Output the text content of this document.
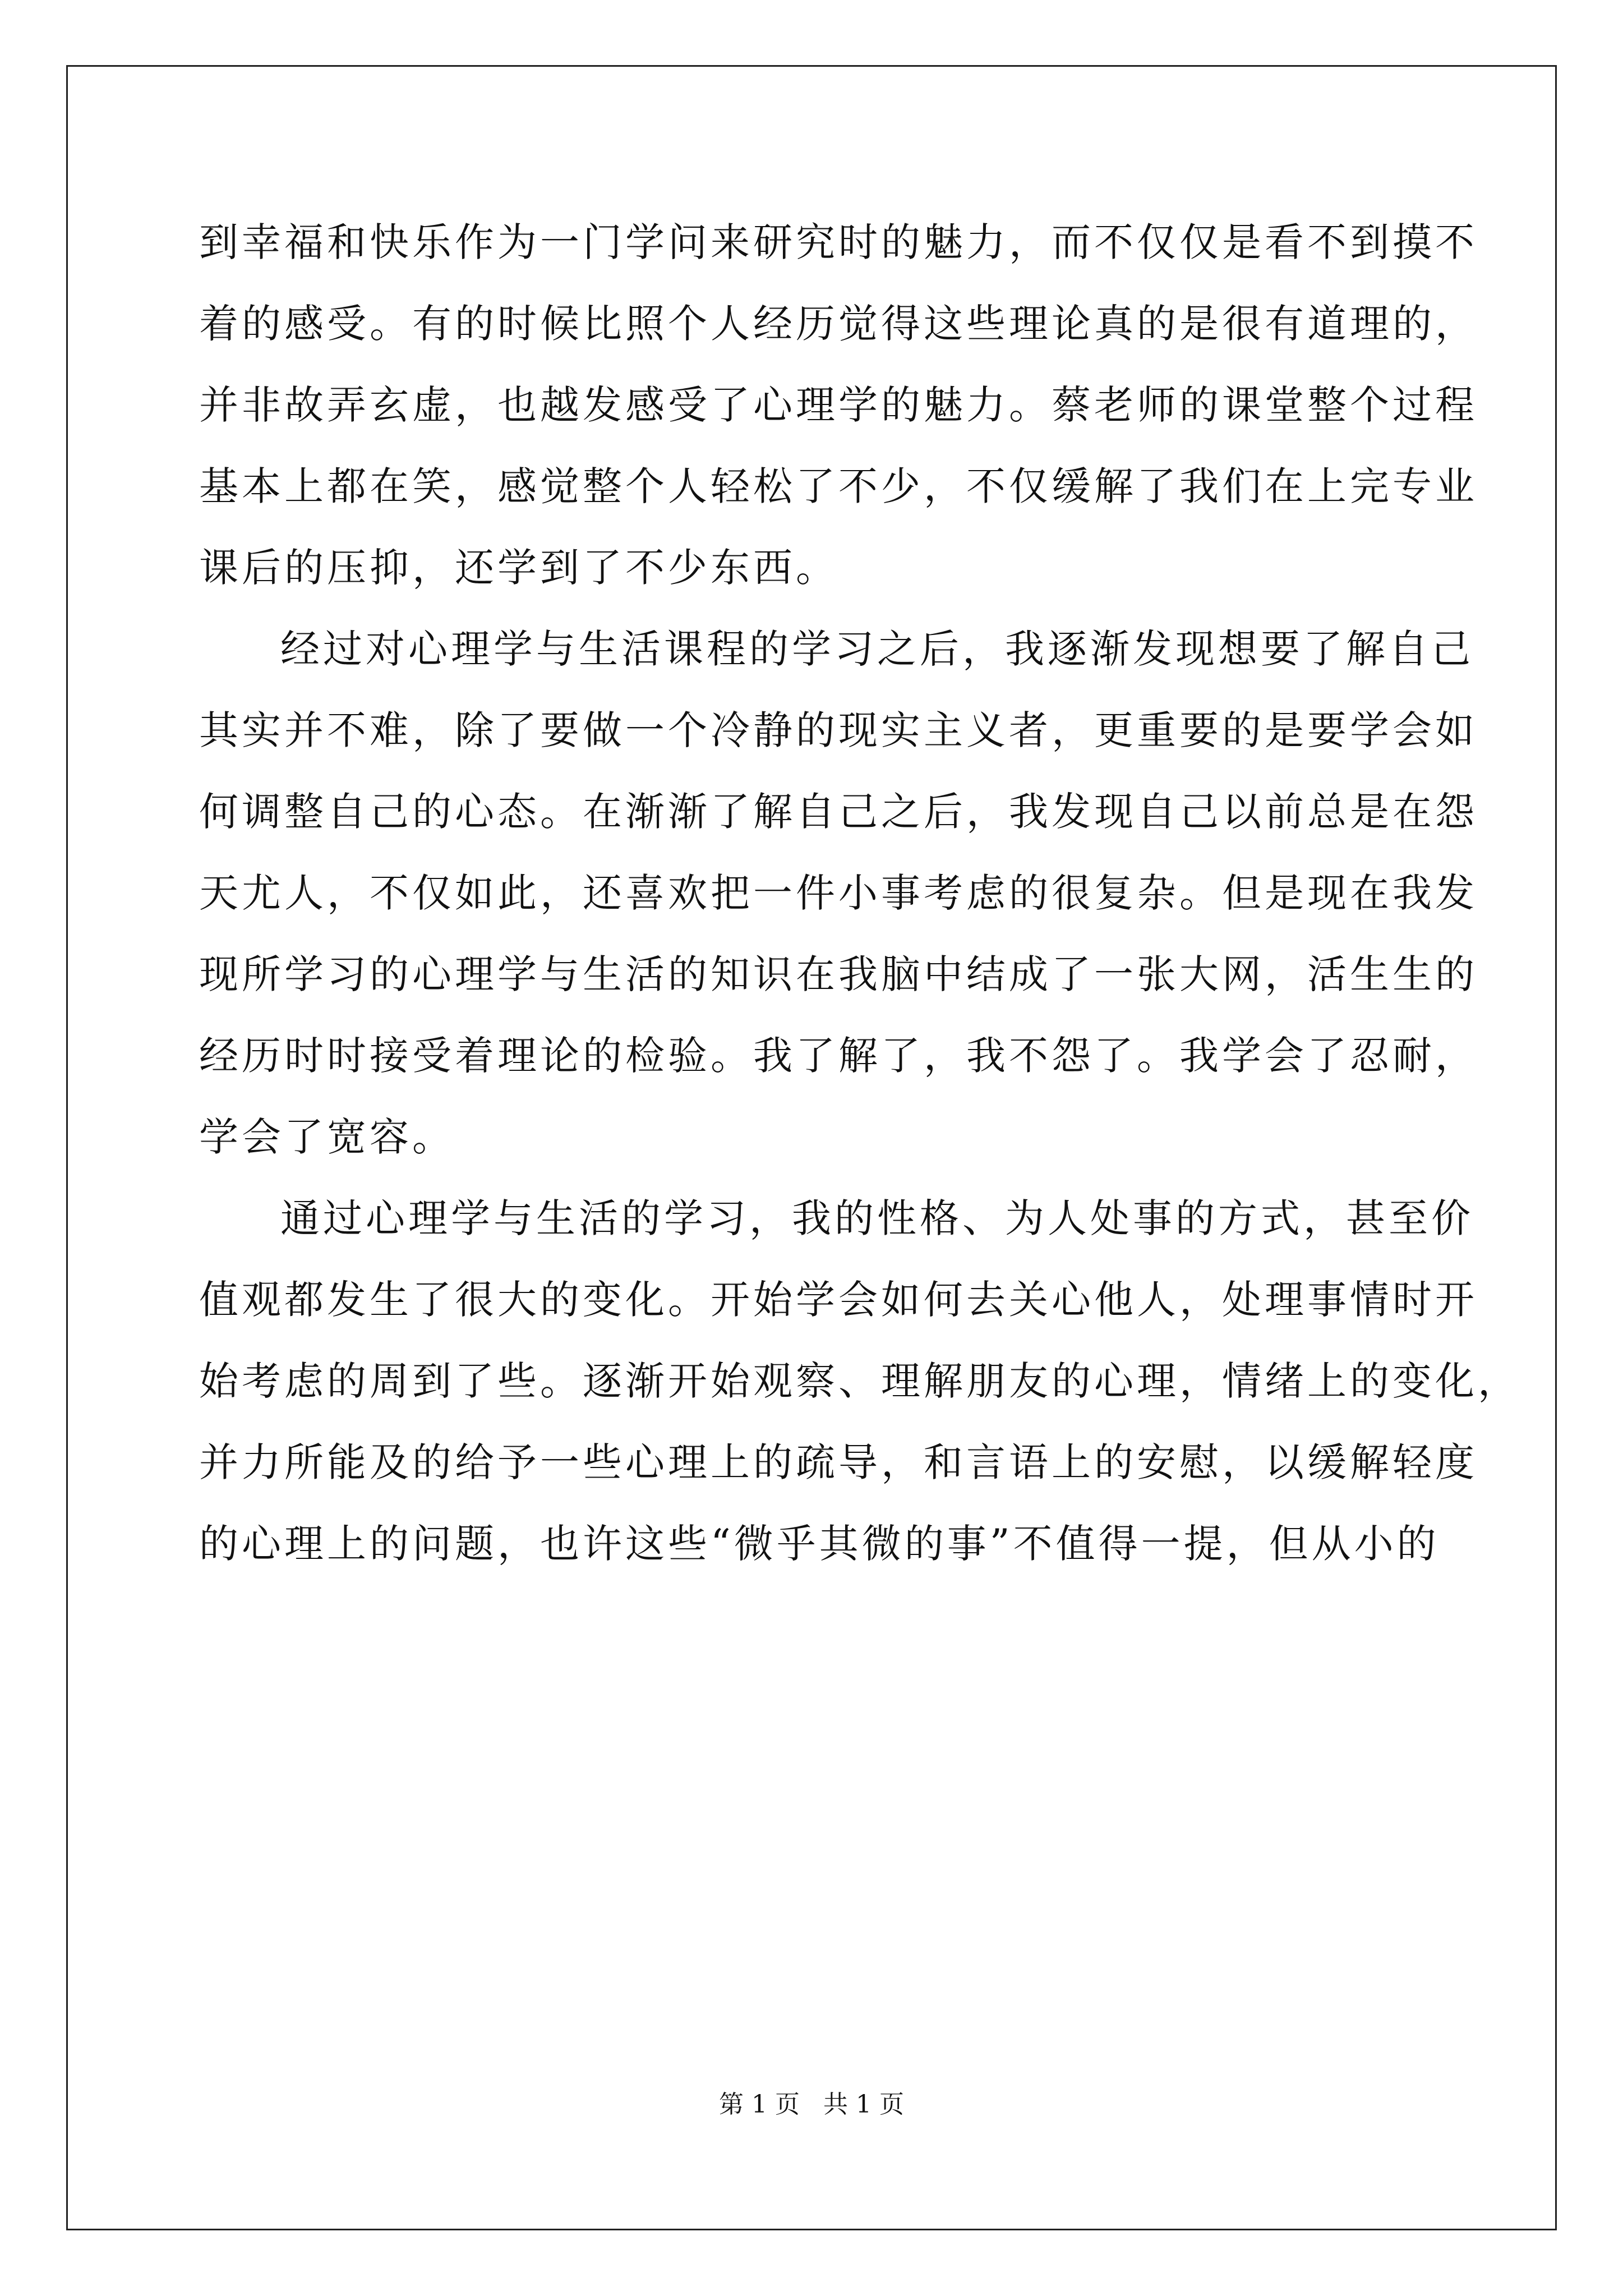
到幸福和快乐作为一门学问来研究时的魅力，而不仅仅是看不到摸不
着的感受。有的时候比照个人经历觉得这些理论真的是很有道理的，
并非故弄玄虚，也越发感受了心理学的魅力。蔡老师的课堂整个过程
基本上都在笑，感觉整个人轻松了不少，不仅缓解了我们在上完专业
课后的压抑，还学到了不少东西。
经过对心理学与生活课程的学习之后，我逐渐发现想要了解自己
其实并不难，除了要做一个冷静的现实主义者，更重要的是要学会如
何调整自己的心态。在渐渐了解自己之后，我发现自己以前总是在怨
天尤人，不仅如此，还喜欢把一件小事考虑的很复杂。但是现在我发
现所学习的心理学与生活的知识在我脑中结成了一张大网，活生生的
经历时时接受着理论的检验。我了解了，我不怨了。我学会了忍耐，
学会了宽容。
通过心理学与生活的学习，我的性格、为人处事的方式，甚至价
值观都发生了很大的变化。开始学会如何去关心他人，处理事情时开
始考虑的周到了些。逐渐开始观察、理解朋友的心理，情绪上的变化，
并力所能及的给予一些心理上的疏导，和言语上的安慰，以缓解轻度
的心理上的问题，也许这些“微乎其微的事”不值得一提，但从小的
第 1 页   共 1 页
